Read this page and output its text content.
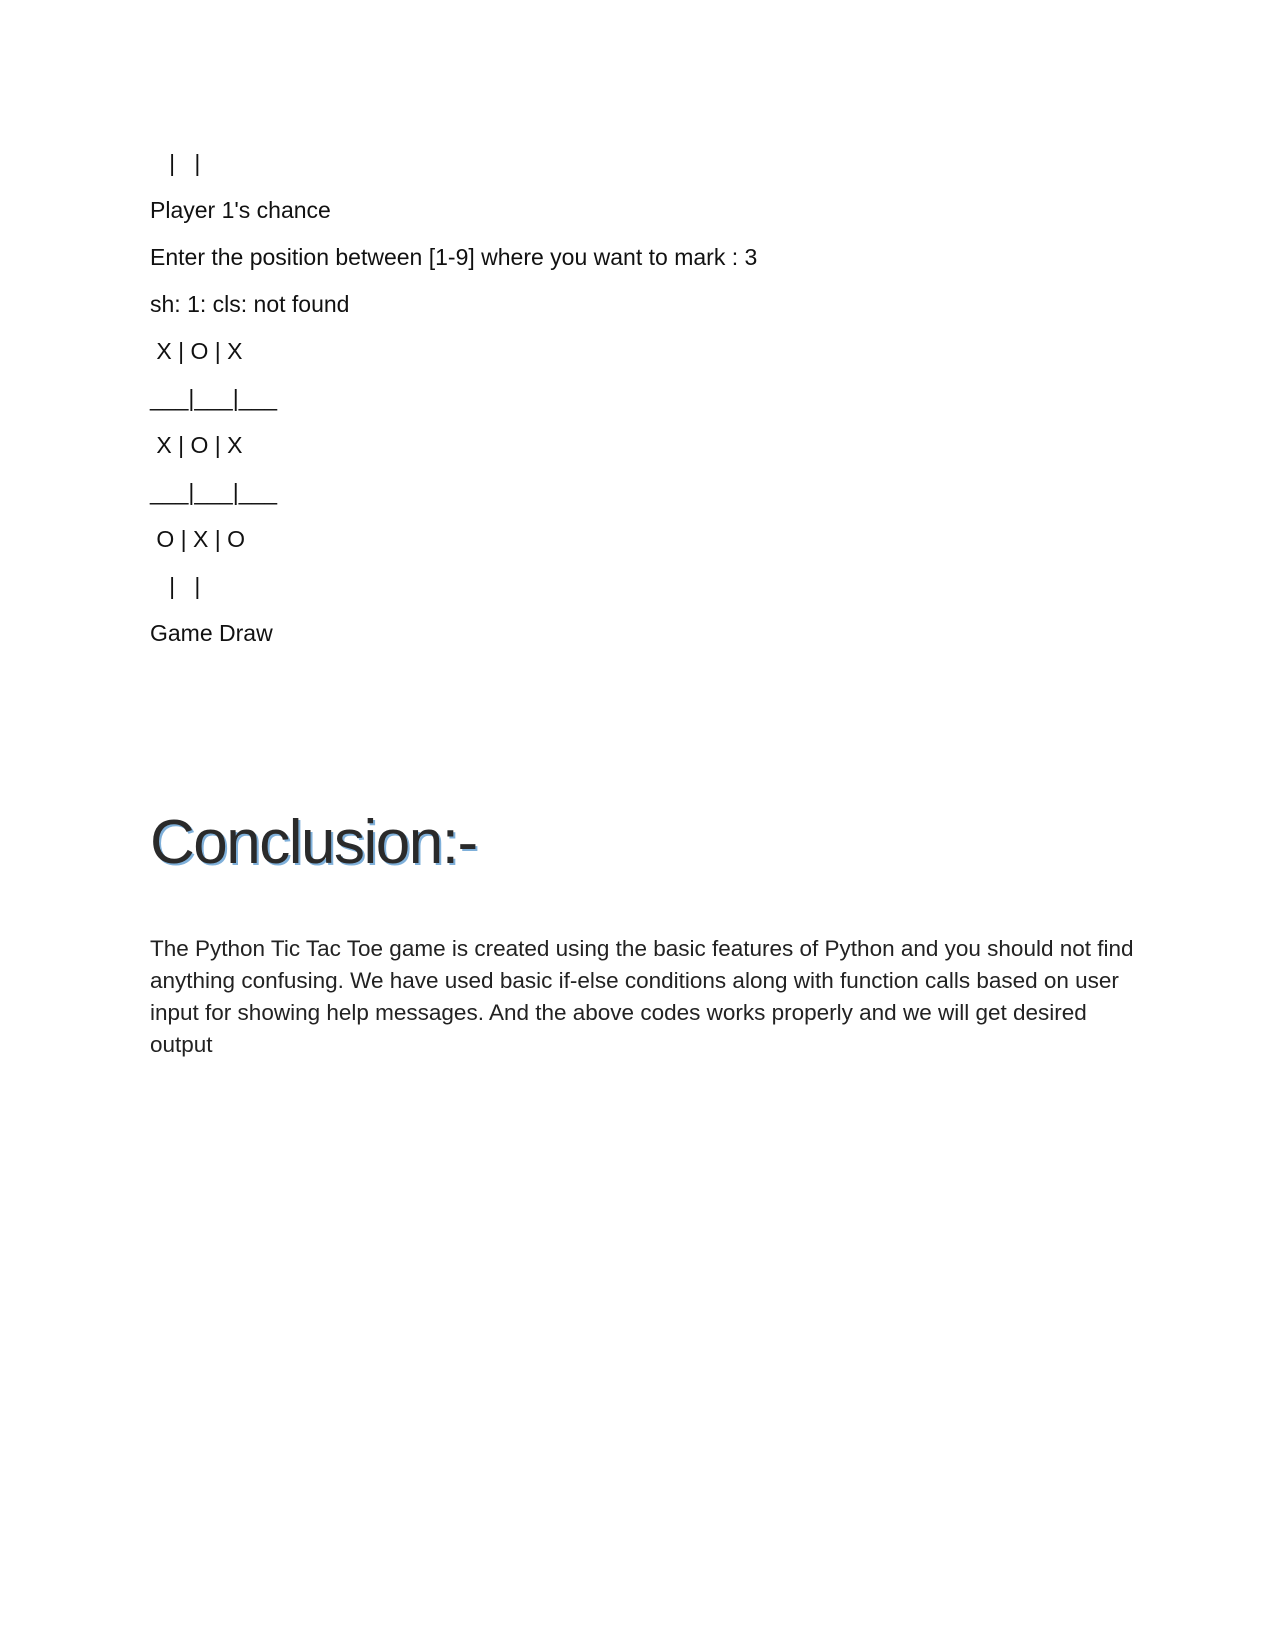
|   |
Player 1's chance
Enter the position between [1-9] where you want to mark : 3
sh: 1: cls: not found
X | O | X
___|___|___
X | O | X
___|___|___
O | X | O
|   |
Game Draw
Conclusion:-

The Python Tic Tac Toe game is created using the basic features of Python and you should not find anything confusing. We have used basic if-else conditions along with function calls based on user input for showing help messages. And the above codes works properly and we will get desired output
